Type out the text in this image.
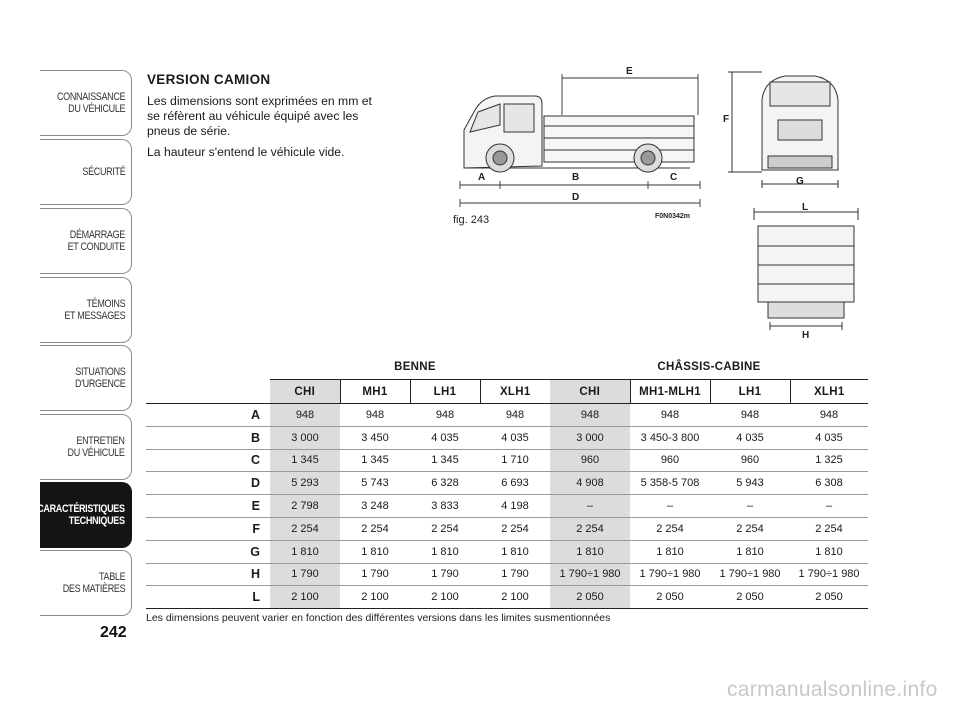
CONNAISSANCE
DU VÉHICULE
SÉCURITÉ
DÉMARRAGE
ET CONDUITE
TÉMOINS
ET MESSAGES
SITUATIONS
D'URGENCE
ENTRETIEN
DU VÉHICULE
CARACTÉRISTIQUES
TECHNIQUES
TABLE
DES MATIÈRES
242
VERSION CAMION

Les dimensions sont exprimées en mm et se réfèrent au véhicule équipé avec les pneus de série.

La hauteur s'entend le véhicule vide.

E
A	B	C
D
F
G
L
H
fig. 243	F0N0342m
BENNE	CHÂSSIS-CABINE
	CHI	MH1	LH1	XLH1	CHI	MH1-MLH1	LH1	XLH1
A	948	948	948	948	948	948	948	948
B	3 000	3 450	4 035	4 035	3 000	3 450-3 800	4 035	4 035
C	1 345	1 345	1 345	1 710	960	960	960	1 325
D	5 293	5 743	6 328	6 693	4 908	5 358-5 708	5 943	6 308
E	2 798	3 248	3 833	4 198	–	–	–	–
F	2 254	2 254	2 254	2 254	2 254	2 254	2 254	2 254
G	1 810	1 810	1 810	1 810	1 810	1 810	1 810	1 810
H	1 790	1 790	1 790	1 790	1 790÷1 980	1 790÷1 980	1 790÷1 980	1 790÷1 980
L	2 100	2 100	2 100	2 100	2 050	2 050	2 050	2 050
Les dimensions peuvent varier en fonction des différentes versions dans les limites susmentionnées
carmanualsonline.info
